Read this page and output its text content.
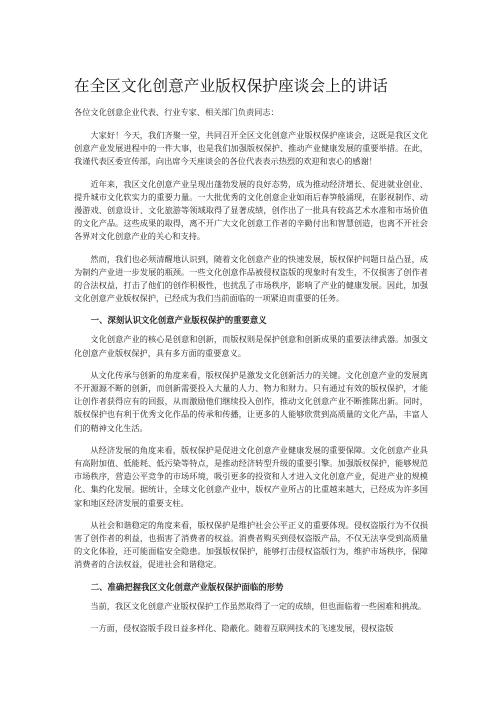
在全区文化创意产业版权保护座谈会上的讲话

各位文化创意企业代表、行业专家、相关部门负责同志：

大家好！今天，我们齐聚一堂，共同召开全区文化创意产业版权保护座谈会，这既是我区文化创意产业发展进程中的一件大事，也是我们加强版权保护、推动产业健康发展的重要举措。在此，我谨代表区委宣传部，向出席今天座谈会的各位代表表示热烈的欢迎和衷心的感谢！

近年来，我区文化创意产业呈现出蓬勃发展的良好态势，成为推动经济增长、促进就业创业、提升城市文化软实力的重要力量。一大批优秀的文化创意企业如雨后春笋般涌现，在影视制作、动漫游戏、创意设计、文化旅游等领域取得了显著成绩，创作出了一批具有较高艺术水准和市场价值的文化产品。这些成果的取得，离不开广大文化创意工作者的辛勤付出和智慧创造，也离不开社会各界对文化创意产业的关心和支持。

然而，我们也必须清醒地认识到，随着文化创意产业的快速发展，版权保护问题日益凸显，成为制约产业进一步发展的瓶颈。一些文化创意作品被侵权盗版的现象时有发生，不仅损害了创作者的合法权益，打击了他们的创作积极性，也扰乱了市场秩序，影响了产业的健康发展。因此，加强文化创意产业版权保护，已经成为我们当前面临的一项紧迫而重要的任务。

一、深刻认识文化创意产业版权保护的重要意义

文化创意产业的核心是创意和创新，而版权则是保护创意和创新成果的重要法律武器。加强文化创意产业版权保护，具有多方面的重要意义。

从文化传承与创新的角度来看，版权保护是激发文化创新活力的关键。文化创意产业的发展离不开源源不断的创新，而创新需要投入大量的人力、物力和财力。只有通过有效的版权保护，才能让创作者获得应有的回报，从而激励他们继续投入创作，推动文化创意产业不断推陈出新。同时，版权保护也有利于优秀文化作品的传承和传播，让更多的人能够欣赏到高质量的文化产品，丰富人们的精神文化生活。

从经济发展的角度来看，版权保护是促进文化创意产业健康发展的重要保障。文化创意产业具有高附加值、低能耗、低污染等特点，是推动经济转型升级的重要引擎。加强版权保护，能够规范市场秩序，营造公平竞争的市场环境，吸引更多的投资和人才进入文化创意产业，促进产业的规模化、集约化发展。据统计，全球文化创意产业中，版权产业所占的比重越来越大，已经成为许多国家和地区经济发展的重要支柱。

从社会和谐稳定的角度来看，版权保护是维护社会公平正义的重要体现。侵权盗版行为不仅损害了创作者的利益，也损害了消费者的权益。消费者购买到侵权盗版产品，不仅无法享受到高质量的文化体验，还可能面临安全隐患。加强版权保护，能够打击侵权盗版行为，维护市场秩序，保障消费者的合法权益，促进社会和谐稳定。

二、准确把握我区文化创意产业版权保护面临的形势

当前，我区文化创意产业版权保护工作虽然取得了一定的成绩，但也面临着一些困难和挑战。

一方面，侵权盗版手段日益多样化、隐蔽化。随着互联网技术的飞速发展，侵权盗版
